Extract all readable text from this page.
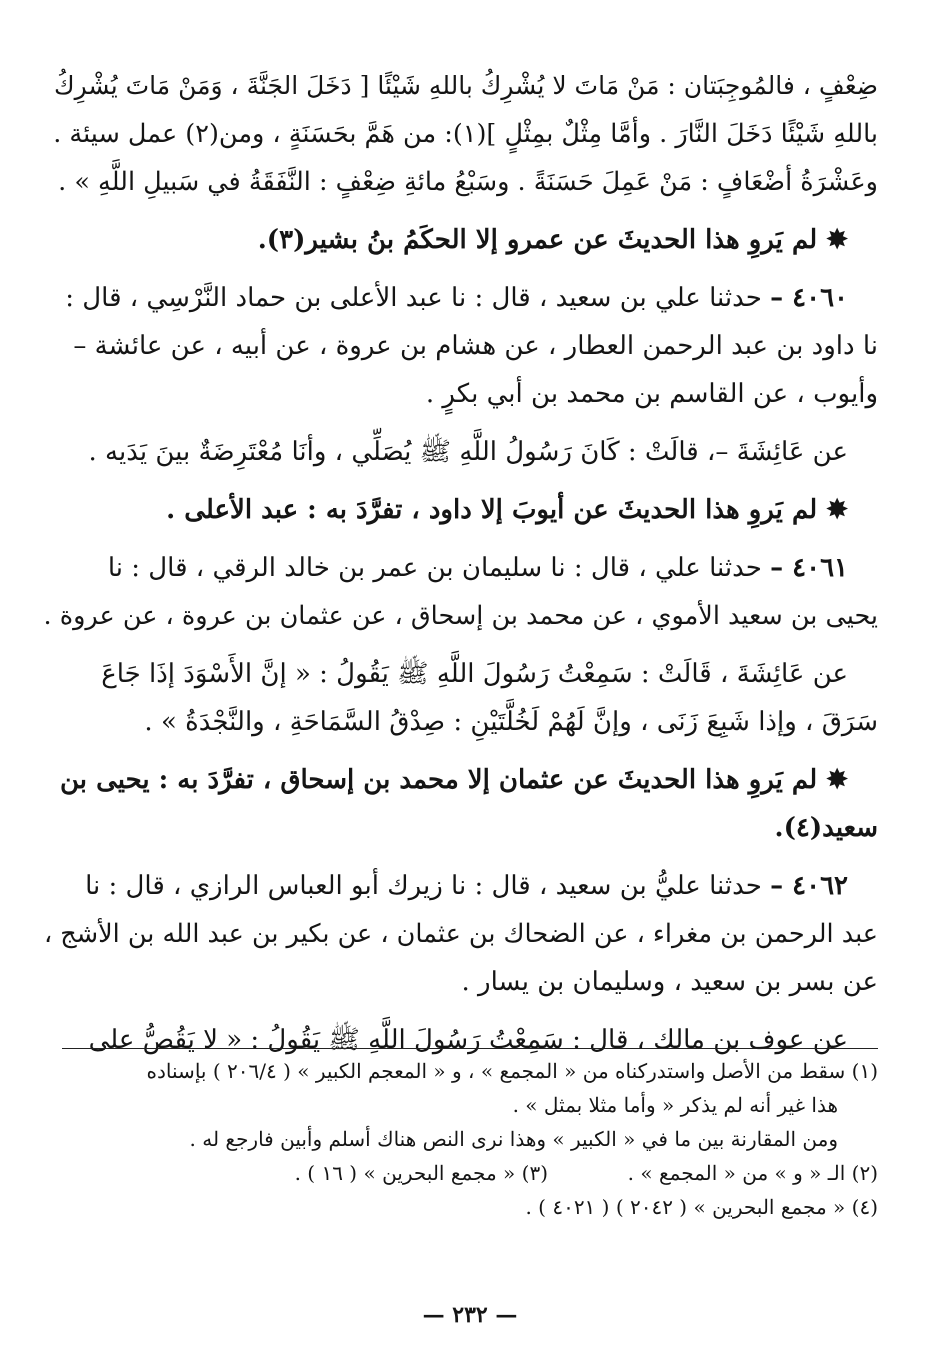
ضِعْفٍ ، فالمُوجِبَتان : مَنْ مَاتَ لا يُشْرِكُ باللهِ شَيْئًا [ دَخَلَ الجَنَّةَ ، وَمَنْ مَاتَ يُشْرِكُ
باللهِ شَيْئًا دَخَلَ النَّارَ . وأمَّا مِثْلٌ بمِثْلٍ ](١): من هَمَّ بحَسَنَةٍ ، ومن(٢) عمل سيئة .
وعَشْرَةُ أضْعَافٍ : مَنْ عَمِلَ حَسَنَةً . وسَبْعُ مائةِ ضِعْفٍ : النَّفَقَةُ في سَبيلِ اللَّهِ » .

✸ لم يَروِ هذا الحديثَ عن عمرو إلا الحكَمُ بنُ بشير(٣).

٤٠٦٠ – حدثنا علي بن سعيد ، قال : نا عبد الأعلى بن حماد النَّرْسِي ، قال :
نا داود بن عبد الرحمن العطار ، عن هشام بن عروة ، عن أبيه ، عن عائشة –
وأيوب ، عن القاسم بن محمد بن أبي بكرٍ .

عن عَائِشَةَ –، قالَتْ : كَانَ رَسُولُ اللَّهِ ﷺ يُصَلِّي ، وأنَا مُعْتَرِضَةٌ بينَ يَدَيه .

✸ لم يَروِ هذا الحديثَ عن أيوبَ إلا داود ، تفرَّدَ به : عبد الأعلى .

٤٠٦١ – حدثنا علي ، قال : نا سليمان بن عمر بن خالد الرقي ، قال : نا
يحيى بن سعيد الأموي ، عن محمد بن إسحاق ، عن عثمان بن عروة ، عن عروة .

عن عَائِشَةَ ، قَالَتْ : سَمِعْتُ رَسُولَ اللَّهِ ﷺ يَقُولُ : « إنَّ الأَسْوَدَ إذَا جَاعَ
سَرَقَ ، وإذا شَبِعَ زَنَى ، وإنَّ لَهُمْ لَخُلَّتَيْنِ : صِدْقُ السَّمَاحَةِ ، والنَّجْدَةُ » .

✸ لم يَروِ هذا الحديثَ عن عثمان إلا محمد بن إسحاق ، تفرَّدَ به : يحيى بن
سعيد(٤).

٤٠٦٢ – حدثنا عليُّ بن سعيد ، قال : نا زيرك أبو العباس الرازي ، قال : نا
عبد الرحمن بن مغراء ، عن الضحاك بن عثمان ، عن بكير بن عبد الله بن الأشج ،
عن بسر بن سعيد ، وسليمان بن يسار .

عن عوف بن مالك ، قال : سَمِعْتُ رَسُولَ اللَّهِ ﷺ يَقُولُ : « لا يَقُصُّ على

(١) سقط من الأصل واستدركناه من « المجمع » ، و « المعجم الكبير » ( ٢٠٦/٤ ) بإسناده
هذا غير أنه لم يذكر « وأما مثلا بمثل » .
ومن المقارنة بين ما في « الكبير » وهذا نرى النص هناك أسلم وأبين فارجع له .

(٢) الـ « و » من « المجمع » .
(٣) « مجمع البحرين » ( ١٦ ) .

(٤) « مجمع البحرين » ( ٢٠٤٢ ) ( ٤٠٢١ ) .

— ٢٣٢ —
